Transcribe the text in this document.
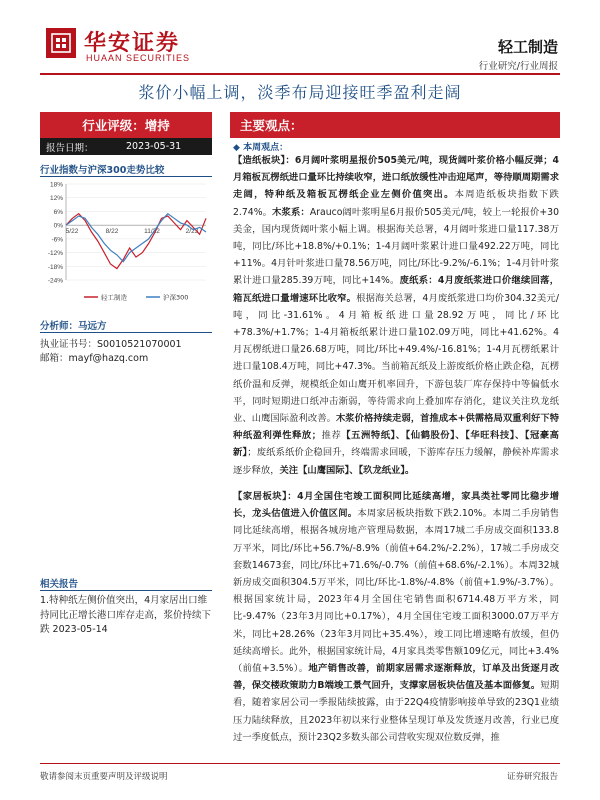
华安证券
HUAAN SECURITIES
轻工制造
行业研究/行业周报
浆价小幅上调，淡季布局迎接旺季盈利走阔
行业评级：增持
报告日期：	2023-05-31
行业指数与沪深300走势比较
18%
12%
6%
0%
-6%
-12%
-18%
-24%
5/22	8/22	11/22	2/23
轻工制造	沪深300
分析师：马远方
执业证书号：S0010521070001
邮箱：mayf@hazq.com
相关报告
1.特种纸左侧价值突出，4月家居出口维持同比正增长港口库存走高，浆价持续下跌 2023-05-14
主要观点：
◆ 本周观点：
【造纸板块】：6月阔叶浆明星报价505美元/吨，现货阔叶浆价格小幅反弹；4月箱板瓦楞纸进口量环比持续收窄，进口纸放缓性冲击迎尾声，等待顺周期需求走阔，特种纸及箱板瓦楞纸企业左侧价值突出。本周造纸板块指数下跌2.74%。木浆系：Arauco阔叶浆明星6月报价505美元/吨，较上一轮报价+30美金，国内现货阔叶浆小幅上调。根据海关总署，4月阔叶浆进口量117.38万吨，同比/环比+18.8%/+0.1%；1-4月阔叶浆累计进口量492.22万吨，同比+11%。4月针叶浆进口量78.56万吨，同比/环比-9.2%/-6.1%；1-4月针叶浆累计进口量285.39万吨，同比+14%。废纸系：4月废纸浆进口价继续回落，箱瓦纸进口量增速环比收窄。根据海关总署，4月废纸浆进口均价304.32美元/吨，同比-31.61%。4月箱板纸进口量28.92万吨，同比/环比+78.3%/+1.7%；1-4月箱板纸累计进口量102.09万吨，同比+41.62%。4月瓦楞纸进口量26.68万吨，同比/环比+49.4%/-16.81%；1-4月瓦楞纸累计进口量108.4万吨，同比+47.3%。当前箱瓦纸及上游废纸价格止跌企稳，瓦楞纸价温和反弹，规模纸企如山鹰开机率回升，下游包装厂库存保持中等偏低水平，同时短期进口纸冲击渐弱，等待需求向上叠加库存消化，建议关注玖龙纸业、山鹰国际盈利改善。木浆价格持续走弱，首推成本+供需格局双重利好下特种纸盈利弹性释放；推荐【五洲特纸】、【仙鹤股份】、【华旺科技】、【冠豪高新】；废纸系纸价企稳回升，终端需求回暖，下游库存压力缓解，静候补库需求逐步释放，关注【山鹰国际】、【玖龙纸业】。
【家居板块】：4月全国住宅竣工面积同比延续高增，家具类社零同比稳步增长，龙头估值进入价值区间。本周家居板块指数下跌2.10%。本周二手房销售同比延续高增，根据各城房地产管理局数据，本周17城二手房成交面积133.8万平米，同比/环比+56.7%/-8.9%（前值+64.2%/-2.2%），17城二手房成交套数14673套，同比/环比+71.6%/-0.7%（前值+68.6%/-2.1%）。本周32城新房成交面积304.5万平米，同比/环比-1.8%/-4.8%（前值+1.9%/-3.7%）。根据国家统计局，2023年4月全国住宅销售面积6714.48万平方米，同比-9.47%（23年3月同比+0.17%），4月全国住宅竣工面积3000.07万平方米，同比+28.26%（23年3月同比+35.4%），竣工同比增速略有放缓，但仍延续高增长。此外，根据国家统计局，4月家具类零售额109亿元，同比+3.4%（前值+3.5%）。地产销售改善，前期家居需求逐渐释放，订单及出货逐月改善，保交楼政策助力B端竣工景气回升，支撑家居板块估值及基本面修复。短期看，随着家居公司一季报陆续披露，由于22Q4疫情影响接单导致的23Q1业绩压力陆续释放，且2023年初以来行业整体呈现订单及发货逐月改善，行业已度过一季度低点，预计23Q2多数头部公司营收实现双位数反弹，推
敬请参阅末页重要声明及评级说明	证券研究报告
